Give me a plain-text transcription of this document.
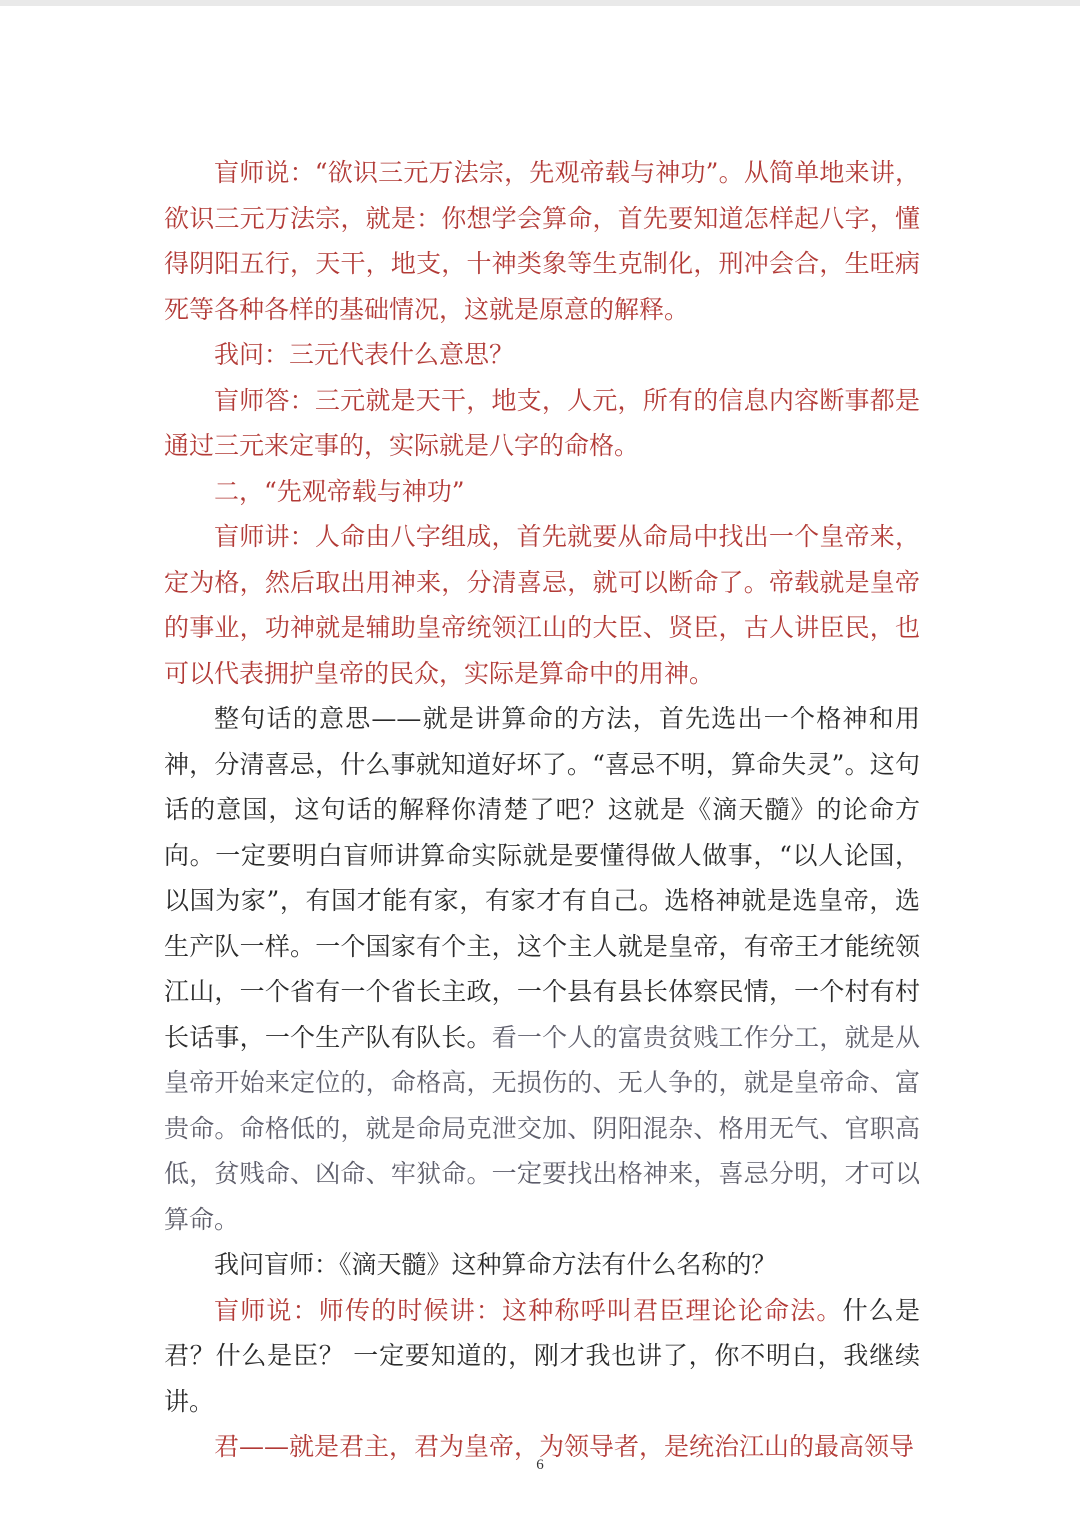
盲师说：“欲识三元万法宗，先观帝载与神功”。从简单地来讲，欲识三元万法宗，就是：你想学会算命，首先要知道怎样起八字，懂得阴阳五行，天干，地支，十神类象等生克制化，刑冲会合，生旺病死等各种各样的基础情况，这就是原意的解释。

我问：三元代表什么意思？

盲师答：三元就是天干，地支，人元，所有的信息内容断事都是通过三元来定事的，实际就是八字的命格。

二，“先观帝载与神功”

盲师讲：人命由八字组成，首先就要从命局中找出一个皇帝来，定为格，然后取出用神来，分清喜忌，就可以断命了。帝载就是皇帝的事业，功神就是辅助皇帝统领江山的大臣、贤臣，古人讲臣民，也可以代表拥护皇帝的民众，实际是算命中的用神。

整句话的意思——就是讲算命的方法，首先选出一个格神和用神，分清喜忌，什么事就知道好坏了。“喜忌不明，算命失灵”。这句话的意国，这句话的解释你清楚了吧？这就是《滴天髓》的论命方向。一定要明白盲师讲算命实际就是要懂得做人做事，“以人论国，以国为家”，有国才能有家，有家才有自己。选格神就是选皇帝，选生产队一样。一个国家有个主，这个主人就是皇帝，有帝王才能统领江山，一个省有一个省长主政，一个县有县长体察民情，一个村有村长话事，一个生产队有队长。看一个人的富贵贫贱工作分工，就是从皇帝开始来定位的，命格高，无损伤的、无人争的，就是皇帝命、富贵命。命格低的，就是命局克泄交加、阴阳混杂、格用无气、官职高低，贫贱命、凶命、牢狱命。一定要找出格神来，喜忌分明，才可以算命。

我问盲师：《滴天髓》这种算命方法有什么名称的？

盲师说：师传的时候讲：这种称呼叫君臣理论论命法。什么是君？什么是臣？ 一定要知道的，刚才我也讲了，你不明白，我继续讲。

君——就是君主，君为皇帝，为领导者，是统治江山的最高领导

6
